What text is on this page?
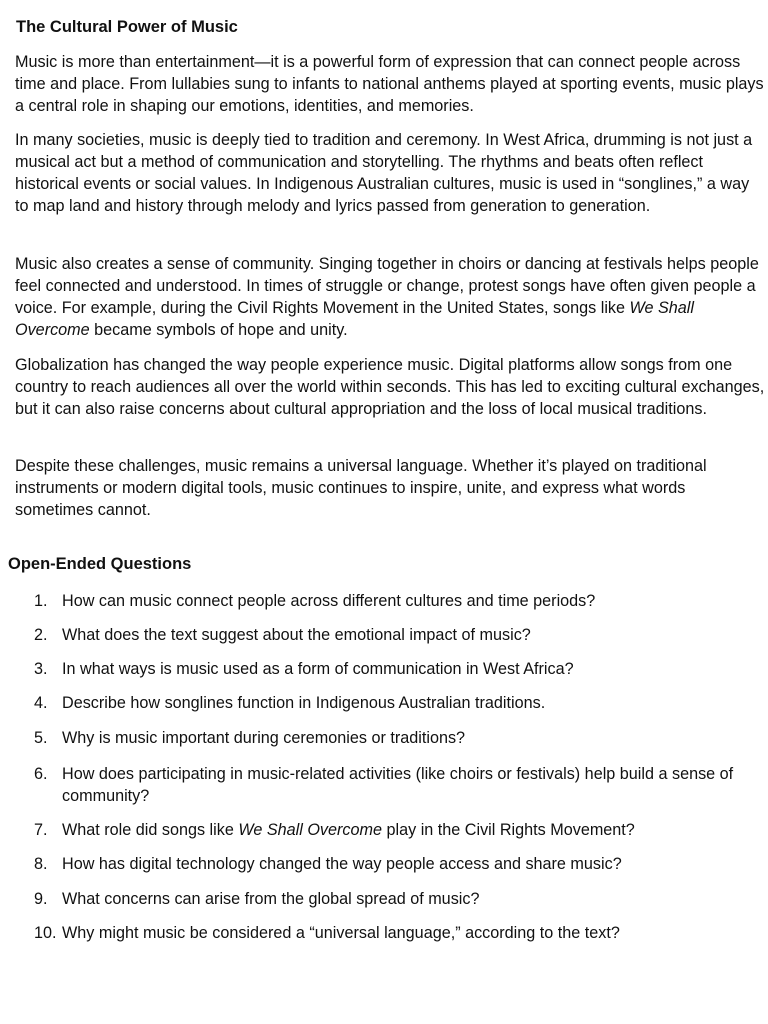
The Cultural Power of Music

Music is more than entertainment—it is a powerful form of expression that can connect people across time and place. From lullabies sung to infants to national anthems played at sporting events, music plays a central role in shaping our emotions, identities, and memories.

In many societies, music is deeply tied to tradition and ceremony. In West Africa, drumming is not just a musical act but a method of communication and storytelling. The rhythms and beats often reflect historical events or social values. In Indigenous Australian cultures, music is used in “songlines,” a way to map land and history through melody and lyrics passed from generation to generation.

Music also creates a sense of community. Singing together in choirs or dancing at festivals helps people feel connected and understood. In times of struggle or change, protest songs have often given people a voice. For example, during the Civil Rights Movement in the United States, songs like We Shall Overcome became symbols of hope and unity.

Globalization has changed the way people experience music. Digital platforms allow songs from one country to reach audiences all over the world within seconds. This has led to exciting cultural exchanges, but it can also raise concerns about cultural appropriation and the loss of local musical traditions.

Despite these challenges, music remains a universal language. Whether it’s played on traditional instruments or modern digital tools, music continues to inspire, unite, and express what words sometimes cannot.

Open-Ended Questions
1. How can music connect people across different cultures and time periods?
2. What does the text suggest about the emotional impact of music?
3. In what ways is music used as a form of communication in West Africa?
4. Describe how songlines function in Indigenous Australian traditions.
5. Why is music important during ceremonies or traditions?
6. How does participating in music-related activities (like choirs or festivals) help build a sense of community?
7. What role did songs like We Shall Overcome play in the Civil Rights Movement?
8. How has digital technology changed the way people access and share music?
9. What concerns can arise from the global spread of music?
10. Why might music be considered a “universal language,” according to the text?
